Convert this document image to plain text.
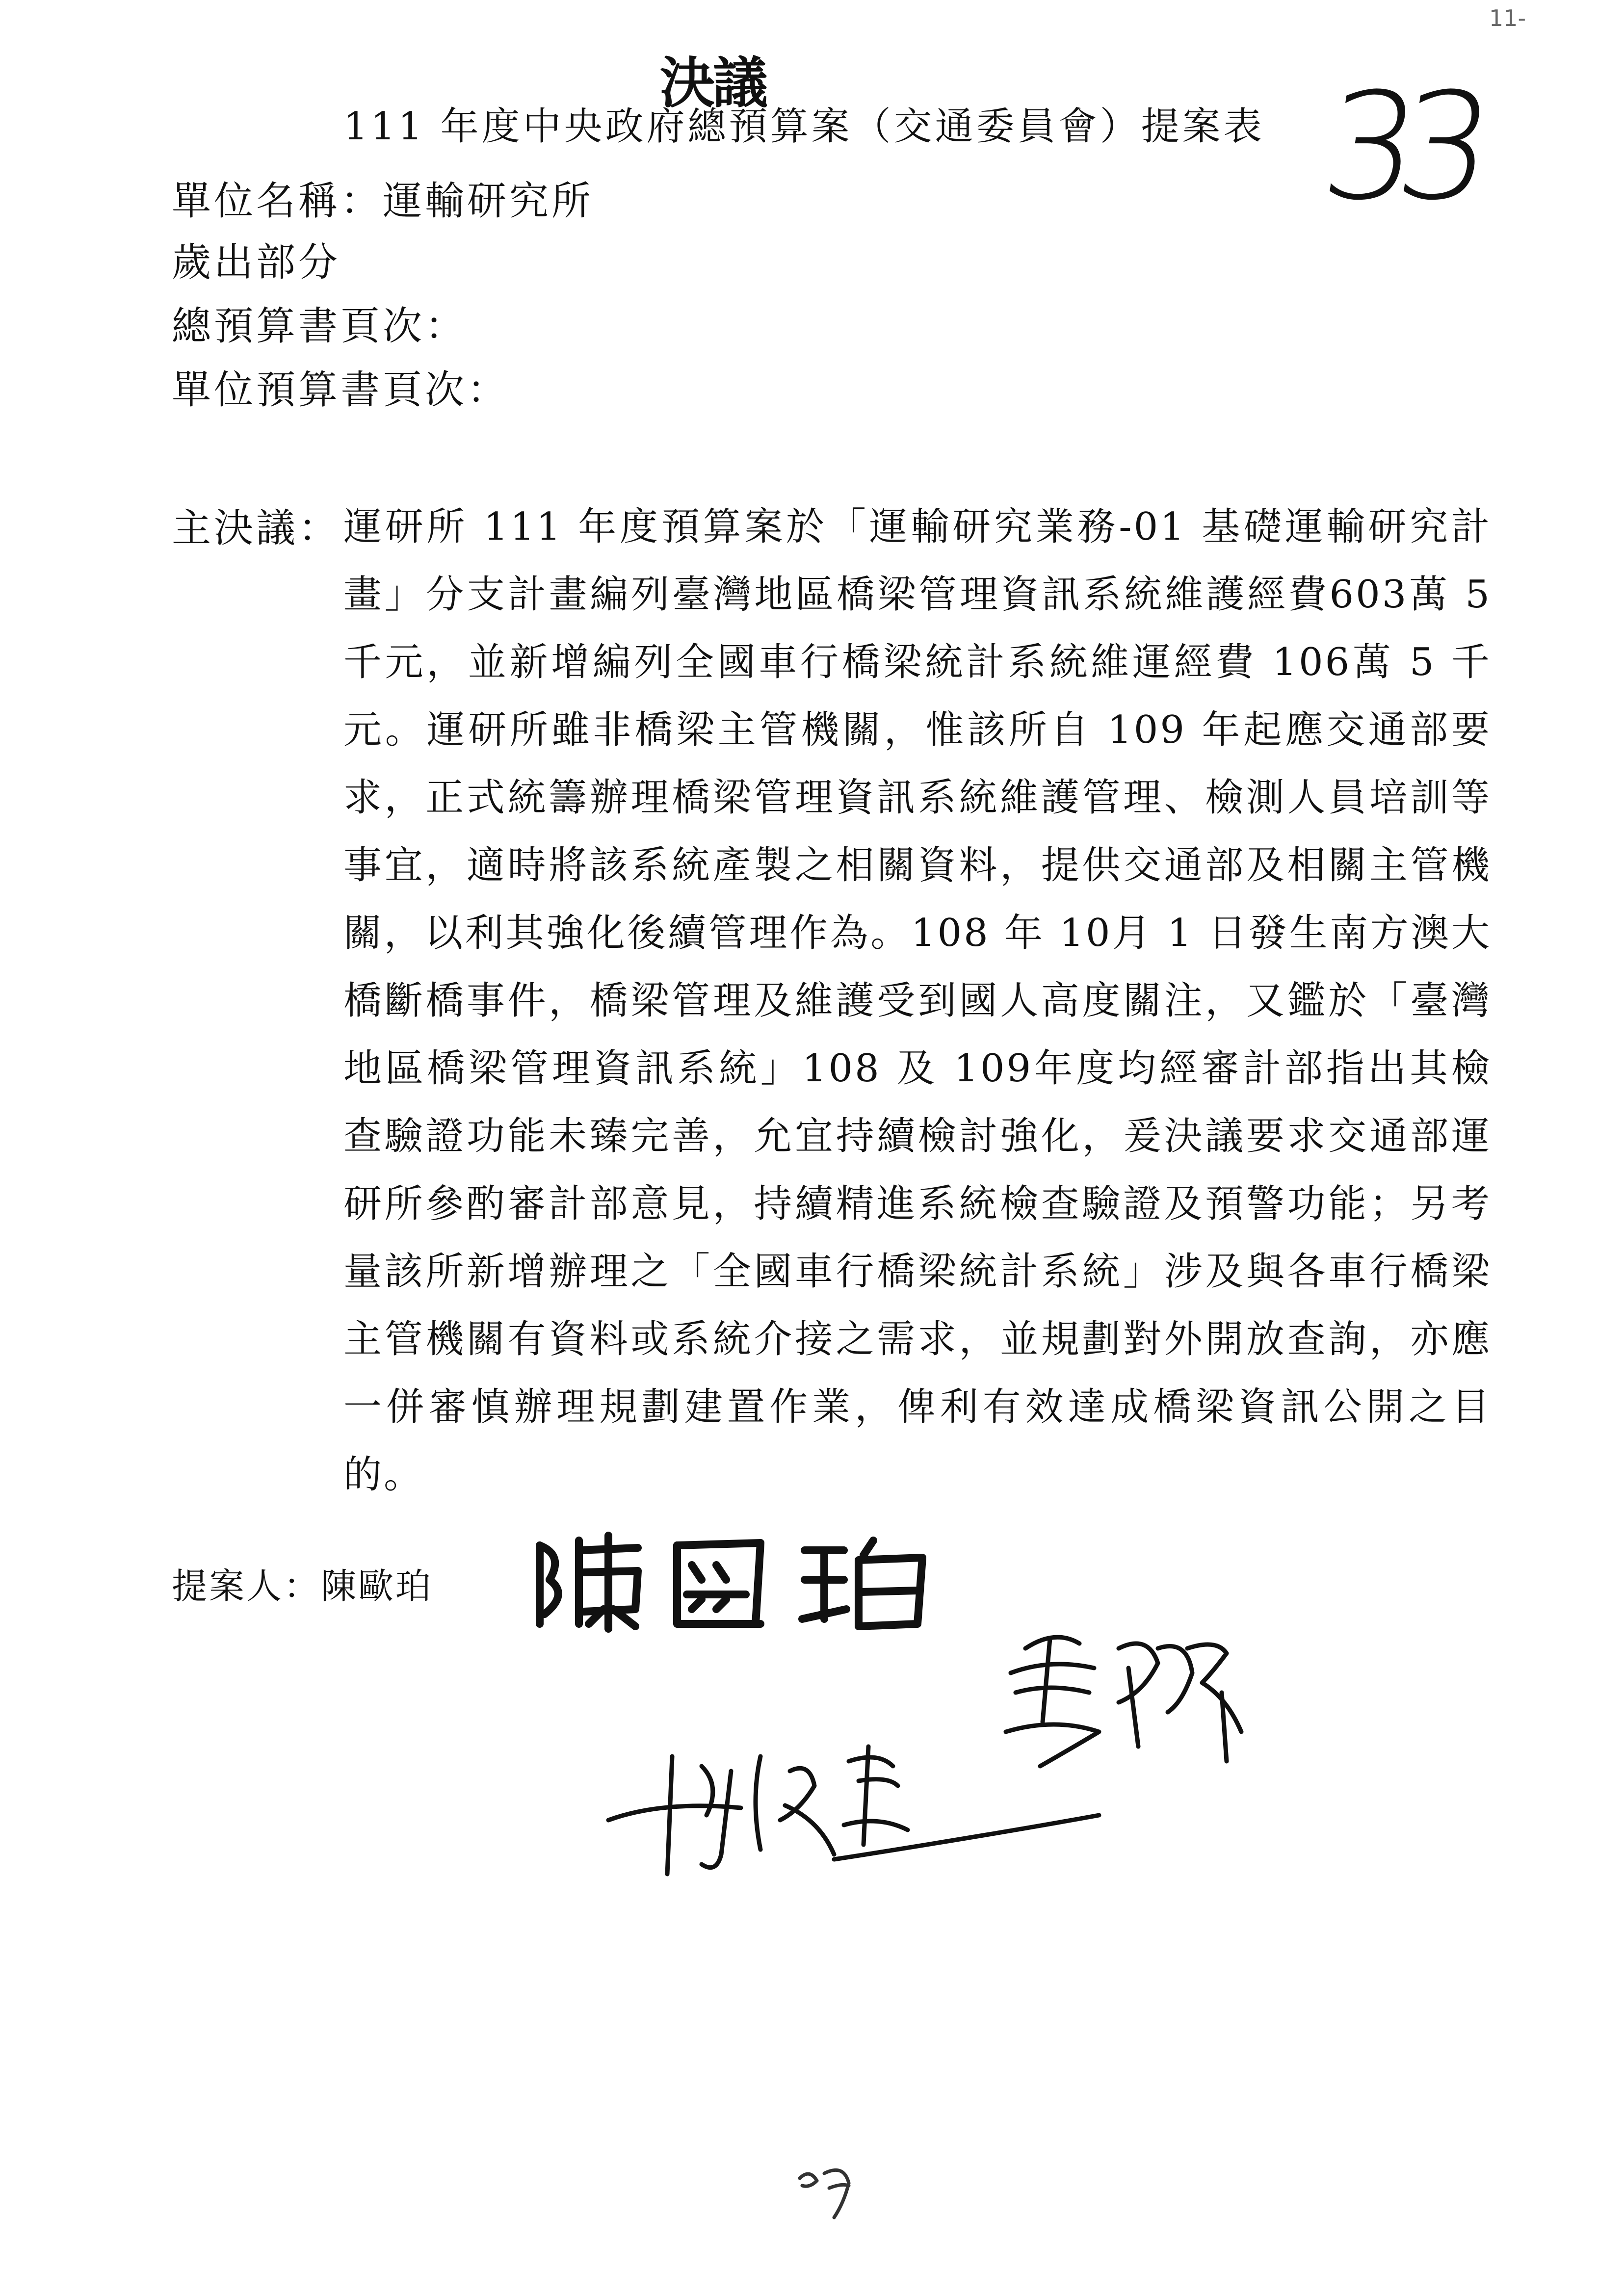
11-
決議
111 年度中央政府總預算案（交通委員會）提案表 33
單位名稱：運輸研究所
歲出部分
總預算書頁次：
單位預算書頁次：
主決議： 運研所 111 年度預算案於「運輸研究業務-01 基礎運輸研究計畫」分支計畫編列臺灣地區橋梁管理資訊系統維護經費603萬 5 千元，並新增編列全國車行橋梁統計系統維運經費 106萬 5 千元。運研所雖非橋梁主管機關，惟該所自 109 年起應交通部要求，正式統籌辦理橋梁管理資訊系統維護管理、檢測人員培訓等事宜，適時將該系統產製之相關資料，提供交通部及相關主管機關，以利其強化後續管理作為。108 年 10月 1 日發生南方澳大橋斷橋事件，橋梁管理及維護受到國人高度關注，又鑑於「臺灣地區橋梁管理資訊系統」108 及 109年度均經審計部指出其檢查驗證功能未臻完善，允宜持續檢討強化，爰決議要求交通部運研所參酌審計部意見，持續精進系統檢查驗證及預警功能；另考量該所新增辦理之「全國車行橋梁統計系統」涉及與各車行橋梁主管機關有資料或系統介接之需求，並規劃對外開放查詢，亦應一併審慎辦理規劃建置作業，俾利有效達成橋梁資訊公開之目的。
提案人：陳歐珀
